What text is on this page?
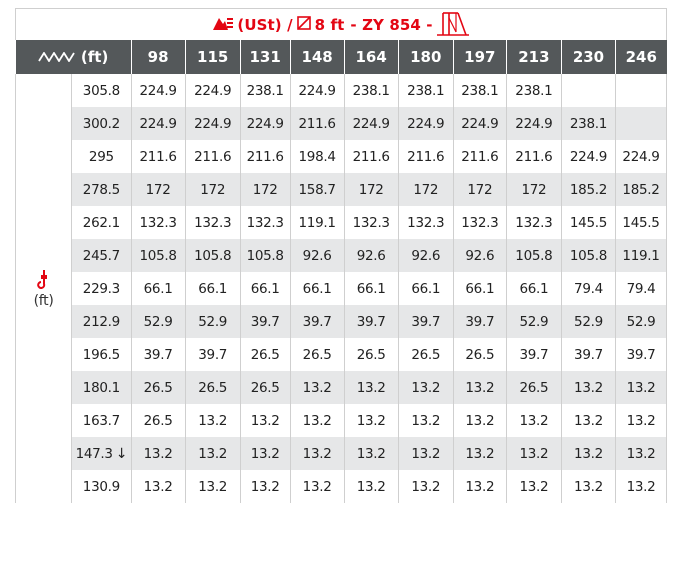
(USt) / 8 ft - ZY 854 -
(ft)		98	115	131	148	164	180	197	213	230	246

(ft)	305.8	224.9	224.9	238.1	224.9	238.1	238.1	238.1	238.1		
	300.2	224.9	224.9	224.9	211.6	224.9	224.9	224.9	224.9	238.1	
	295	211.6	211.6	211.6	198.4	211.6	211.6	211.6	211.6	224.9	224.9
	278.5	172	172	172	158.7	172	172	172	172	185.2	185.2
	262.1	132.3	132.3	132.3	119.1	132.3	132.3	132.3	132.3	145.5	145.5
	245.7	105.8	105.8	105.8	92.6	92.6	92.6	92.6	105.8	105.8	119.1
	229.3	66.1	66.1	66.1	66.1	66.1	66.1	66.1	66.1	79.4	79.4
	212.9	52.9	52.9	39.7	39.7	39.7	39.7	39.7	52.9	52.9	52.9
	196.5	39.7	39.7	26.5	26.5	26.5	26.5	26.5	39.7	39.7	39.7
	180.1	26.5	26.5	26.5	13.2	13.2	13.2	13.2	26.5	13.2	13.2
	163.7	26.5	13.2	13.2	13.2	13.2	13.2	13.2	13.2	13.2	13.2
	147.3 ↓	13.2	13.2	13.2	13.2	13.2	13.2	13.2	13.2	13.2	13.2
	130.9	13.2	13.2	13.2	13.2	13.2	13.2	13.2	13.2	13.2	13.2
